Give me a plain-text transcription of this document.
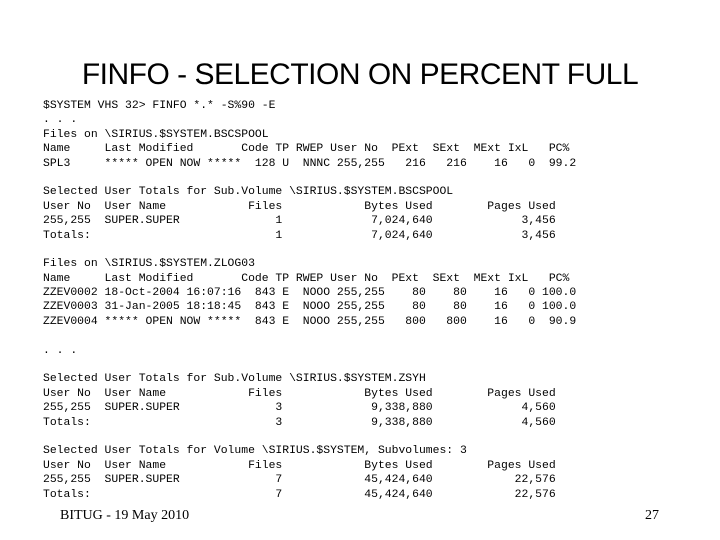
FINFO - SELECTION ON PERCENT FULL
$SYSTEM VHS 32> FINFO *.* -S%90 -E
. . .
Files on \SIRIUS.$SYSTEM.BSCSPOOL
Name     Last Modified       Code TP RWEP User No  PExt  SExt  MExt IxL   PC%
SPL3     ***** OPEN NOW *****  128 U  NNNC 255,255   216   216    16   0  99.2
Selected User Totals for Sub.Volume \SIRIUS.$SYSTEM.BSCSPOOL
User No  User Name            Files            Bytes Used        Pages Used
255,255  SUPER.SUPER              1             7,024,640             3,456
Totals:                           1             7,024,640             3,456
Files on \SIRIUS.$SYSTEM.ZLOG03
Name     Last Modified       Code TP RWEP User No  PExt  SExt  MExt IxL   PC%
ZZEV0002 18-Oct-2004 16:07:16  843 E  NOOO 255,255    80    80    16   0 100.0
ZZEV0003 31-Jan-2005 18:18:45  843 E  NOOO 255,255    80    80    16   0 100.0
ZZEV0004 ***** OPEN NOW *****  843 E  NOOO 255,255   800   800    16   0  90.9
. . .
Selected User Totals for Sub.Volume \SIRIUS.$SYSTEM.ZSYH
User No  User Name            Files            Bytes Used        Pages Used
255,255  SUPER.SUPER              3             9,338,880             4,560
Totals:                           3             9,338,880             4,560
Selected User Totals for Volume \SIRIUS.$SYSTEM, Subvolumes: 3
User No  User Name            Files            Bytes Used        Pages Used
255,255  SUPER.SUPER              7            45,424,640            22,576
Totals:                           7            45,424,640            22,576
BITUG - 19 May 2010	27
